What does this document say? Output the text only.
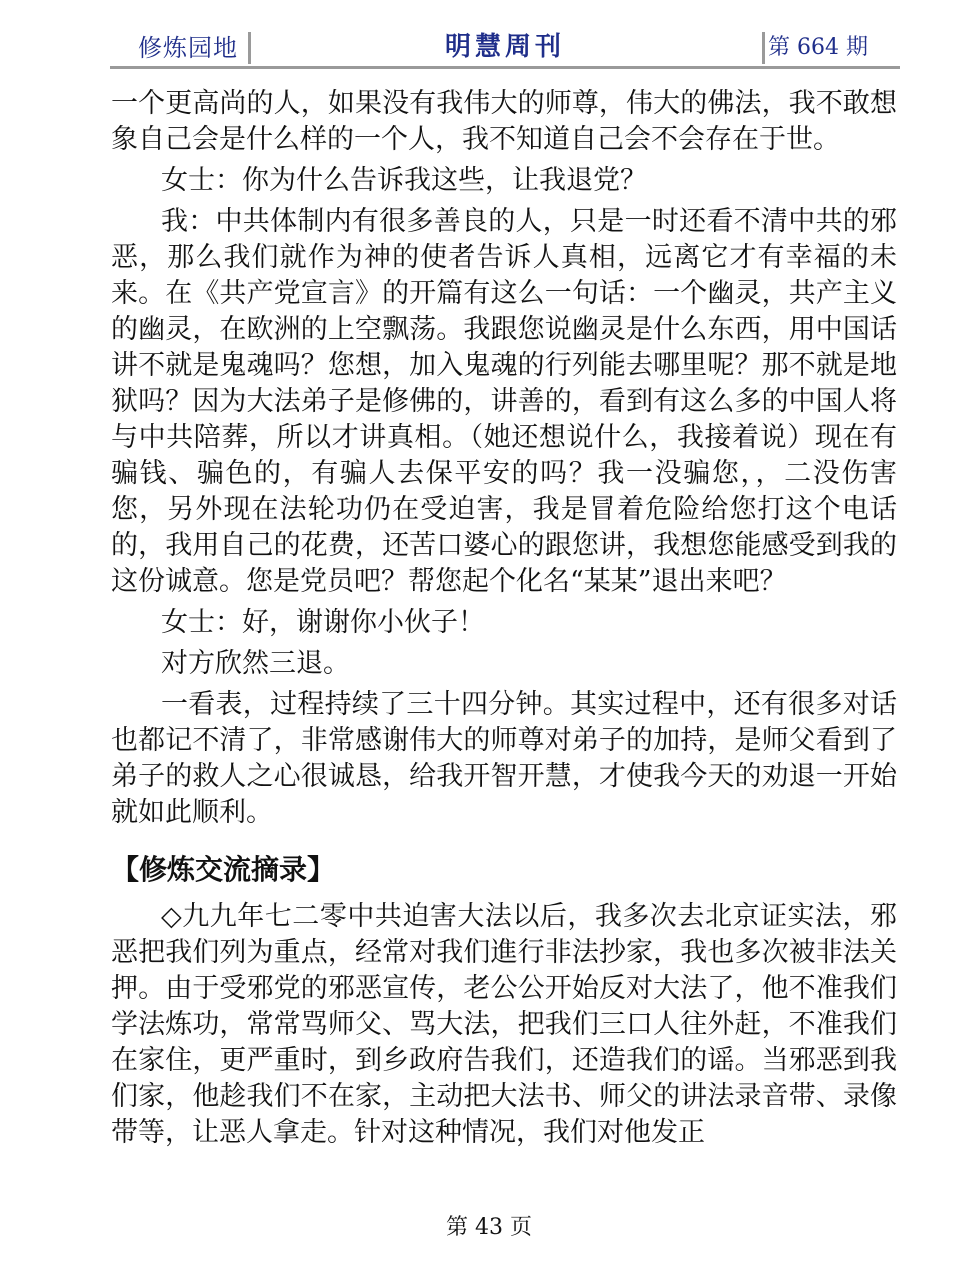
修炼园地	明慧周刊	第 664 期

一个更高尚的人，如果没有我伟大的师尊，伟大的佛法，我不敢想象自己会是什么样的一个人，我不知道自己会不会存在于世。

女士：你为什么告诉我这些，让我退党？

我：中共体制内有很多善良的人，只是一时还看不清中共的邪恶，那么我们就作为神的使者告诉人真相，远离它才有幸福的未来。在《共产党宣言》的开篇有这么一句话：一个幽灵，共产主义的幽灵，在欧洲的上空飘荡。我跟您说幽灵是什么东西，用中国话讲不就是鬼魂吗？您想，加入鬼魂的行列能去哪里呢？那不就是地狱吗？因为大法弟子是修佛的，讲善的，看到有这么多的中国人将与中共陪葬，所以才讲真相。（她还想说什么，我接着说）现在有骗钱、骗色的，有骗人去保平安的吗？我一没骗您，，二没伤害您，另外现在法轮功仍在受迫害，我是冒着危险给您打这个电话的，我用自己的花费，还苦口婆心的跟您讲，我想您能感受到我的这份诚意。您是党员吧？帮您起个化名“某某”退出来吧？

女士：好，谢谢你小伙子！

对方欣然三退。

一看表，过程持续了三十四分钟。其实过程中，还有很多对话也都记不清了，非常感谢伟大的师尊对弟子的加持，是师父看到了弟子的救人之心很诚恳，给我开智开慧，才使我今天的劝退一开始就如此顺利。

【修炼交流摘录】

◇九九年七二零中共迫害大法以后，我多次去北京证实法，邪恶把我们列为重点，经常对我们進行非法抄家，我也多次被非法关押。由于受邪党的邪恶宣传，老公公开始反对大法了，他不准我们学法炼功，常常骂师父、骂大法，把我们三口人往外赶，不准我们在家住，更严重时，到乡政府告我们，还造我们的谣。当邪恶到我们家，他趁我们不在家，主动把大法书、师父的讲法录音带、录像带等，让恶人拿走。针对这种情况，我们对他发正

第 43 页
